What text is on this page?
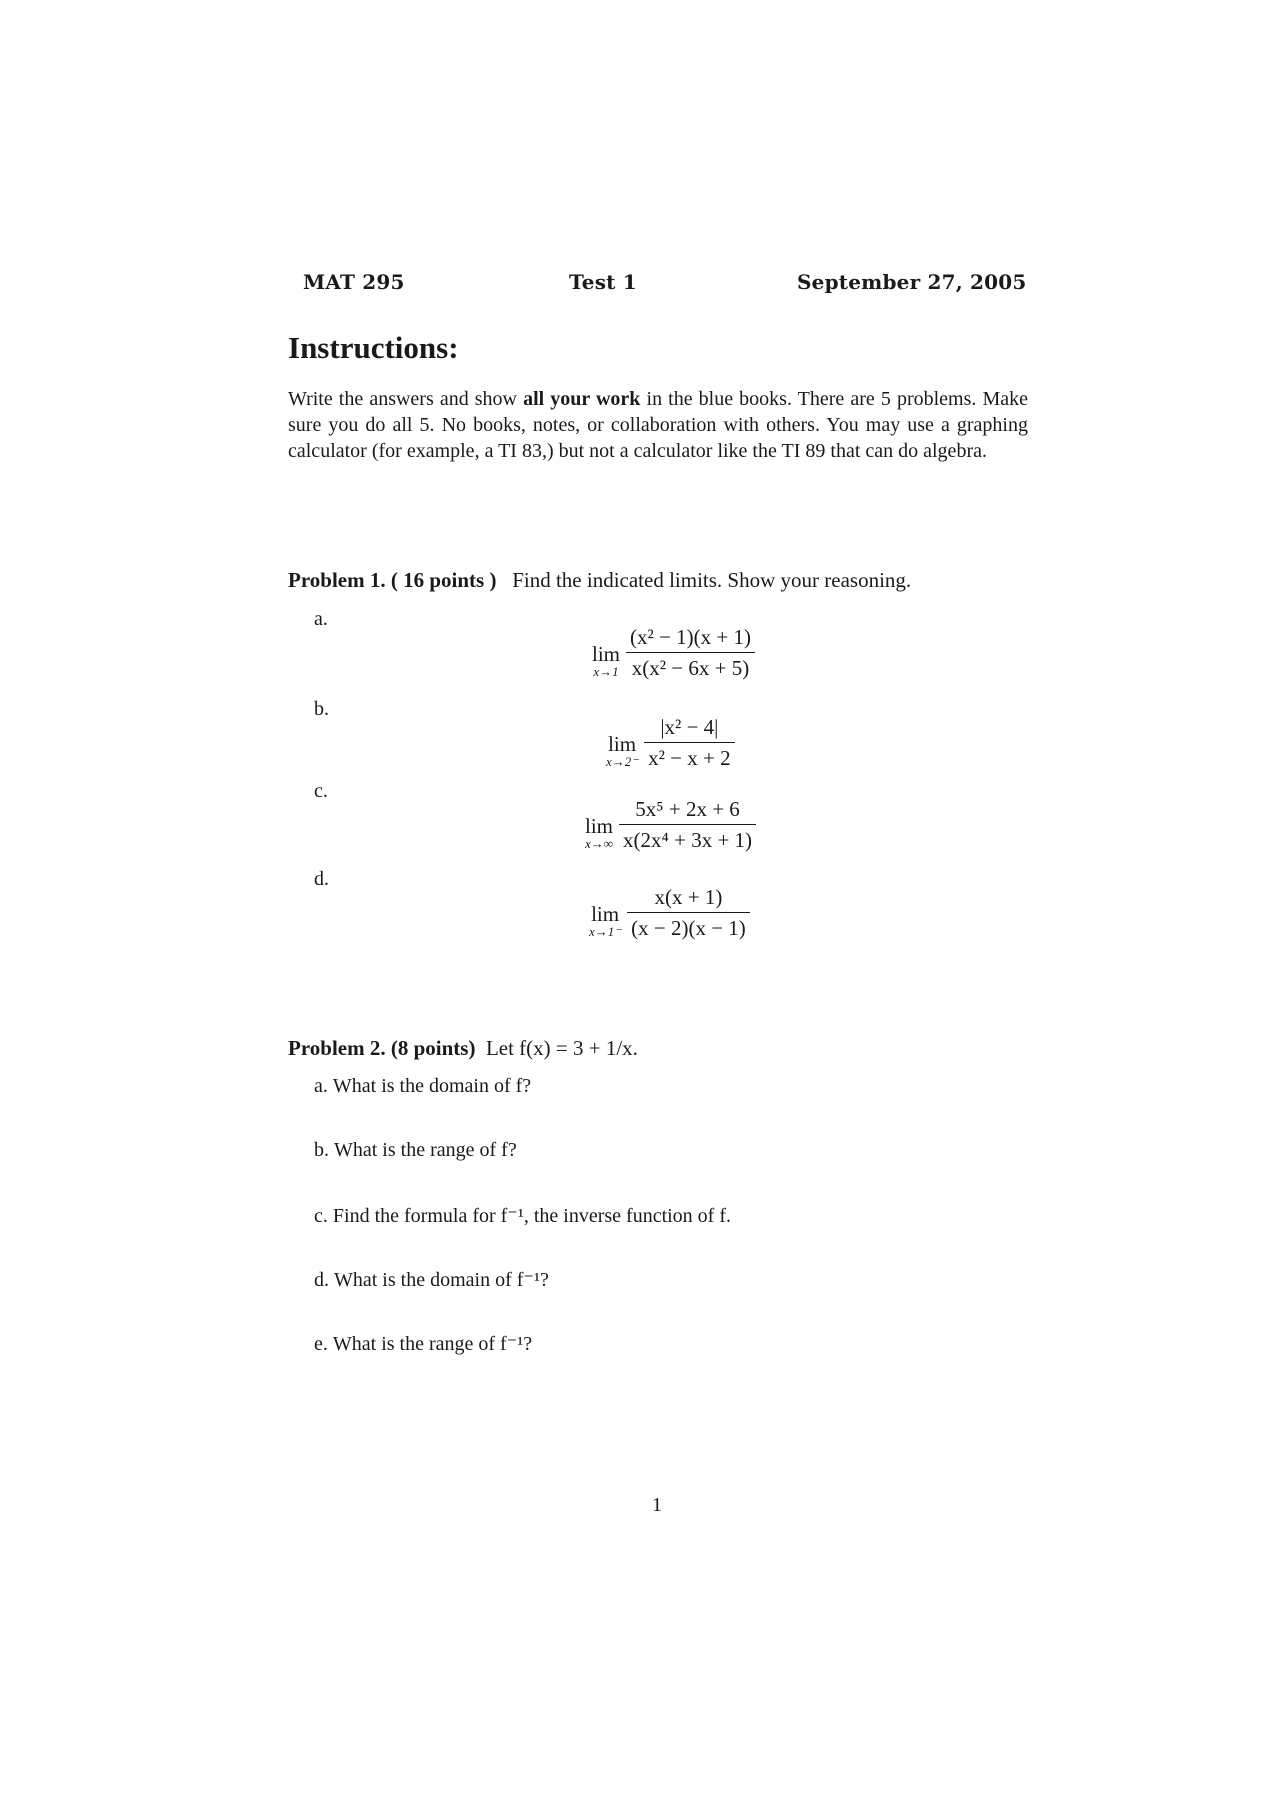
MAT 295	Test 1	September 27, 2005
Instructions:
Write the answers and show all your work in the blue books. There are 5 problems. Make sure you do all 5. No books, notes, or collaboration with others. You may use a graphing calculator (for example, a TI 83,) but not a calculator like the TI 89 that can do algebra.
Problem 1. ( 16 points ) Find the indicated limits. Show your reasoning.
a.
lim
$x\to 1 \frac{\text{(x² − 1)(x + 1)}}{\text{x(x² − 6x + 5)}}$
b.
lim
$x\to 2^- \frac{\text{|x² − 4|}}{\text{x² − x + 2}}$
c.
lim
$x\to\infty \frac{\text{5x⁵ + 2x + 6}}{\text{x(2x⁴ + 3x + 1)}}$
d.
lim
$x\to 1^- \frac{x(x + 1)}{(x - 2)(x - 1)}$
Problem 2. (8 points) Let f(x) = 3 + 1/x.
a. What is the domain of f?
b. What is the range of f?
c. Find the formula for f⁻¹, the inverse function of f.
d. What is the domain of f⁻¹?
e. What is the range of f⁻¹?
1
